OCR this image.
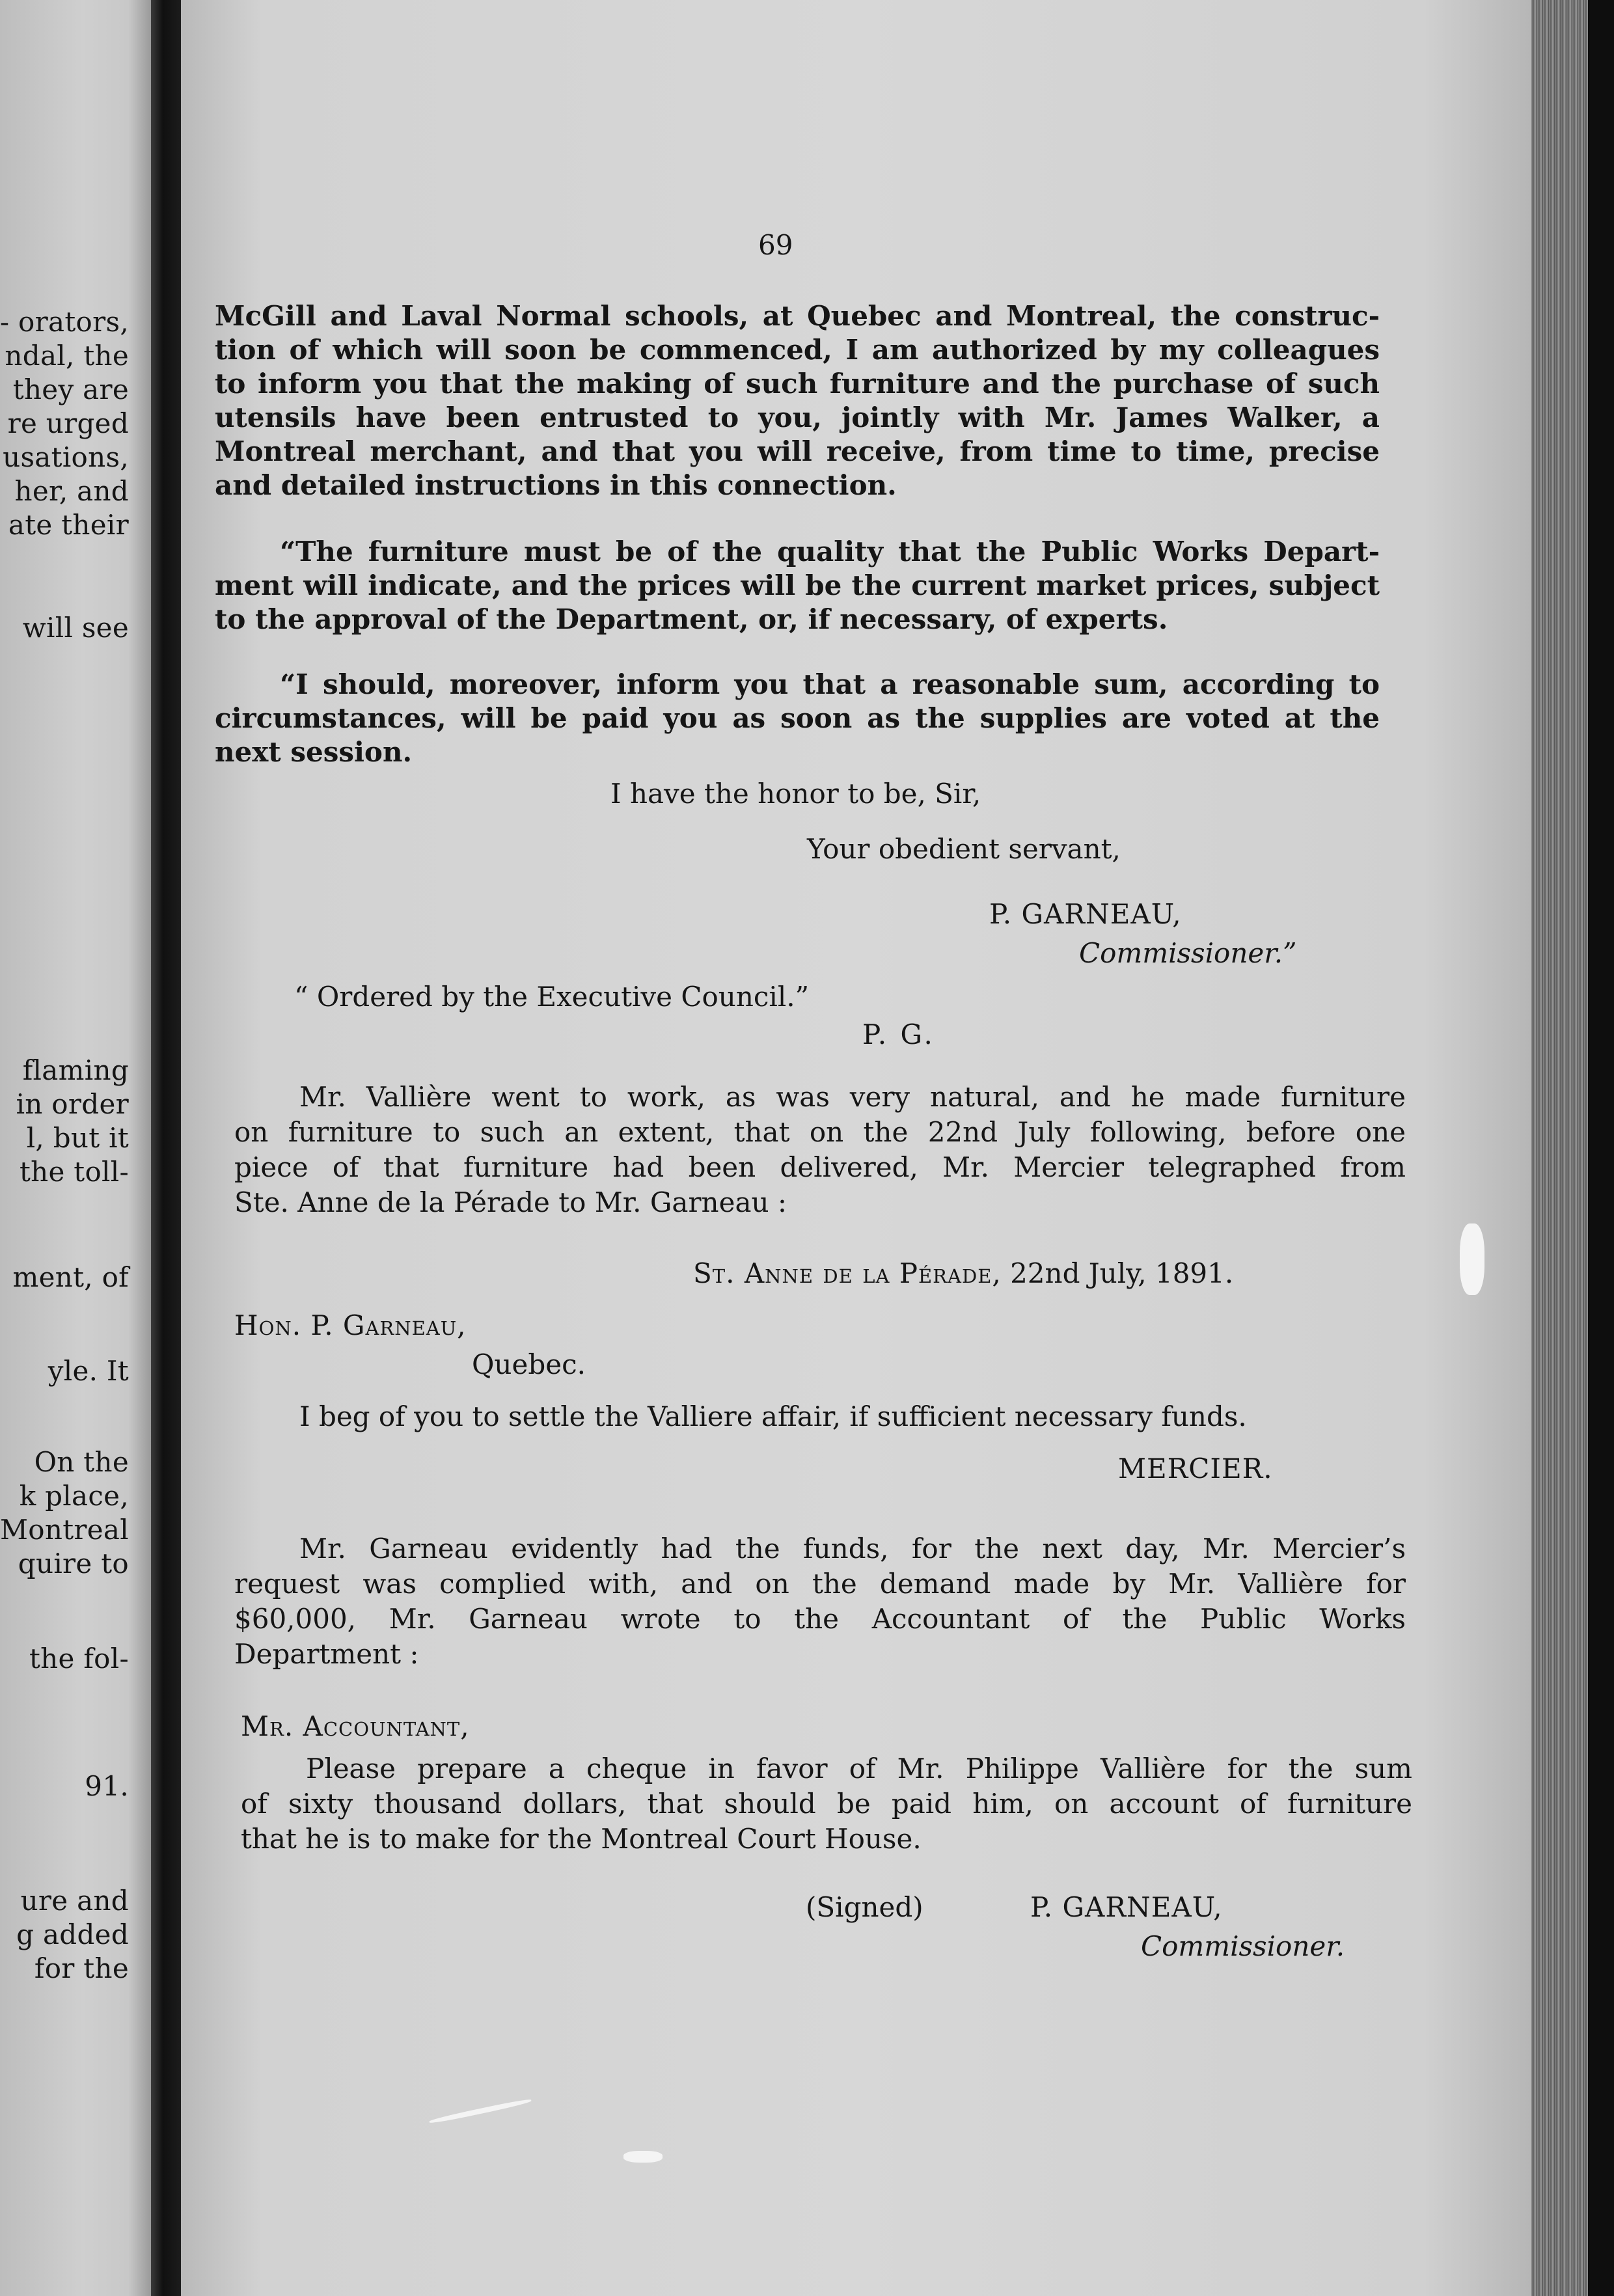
- orators,
ndal, the
they are
re urged
usations,
her, and
ate their
will see
flaming
in order
l, but it
the toll-
ment, of
yle. It
On the
k place,
Montreal
quire to
the fol-
91.
ure and
g added
for the
69
McGill and Laval Normal schools, at Quebec and Montreal, the construc-
tion of which will soon be commenced, I am authorized by my colleagues
to inform you that the making of such furniture and the purchase of such
utensils have been entrusted to you, jointly with Mr. James Walker, a
Montreal merchant, and that you will receive, from time to time, precise
and detailed instructions in this connection.
“The furniture must be of the quality that the Public Works Depart-
ment will indicate, and the prices will be the current market prices, subject
to the approval of the Department, or, if necessary, of experts.
“I should, moreover, inform you that a reasonable sum, according to
circumstances, will be paid you as soon as the supplies are voted at the
next session.
I have the honor to be, Sir,
Your obedient servant,
P. GARNEAU,
Commissioner.”
“ Ordered by the Executive Council.”
P. G.
Mr. Vallière went to work, as was very natural, and he made furniture
on furniture to such an extent, that on the 22nd July following, before one
piece of that furniture had been delivered, Mr. Mercier telegraphed from
Ste. Anne de la Pérade to Mr. Garneau :
St. Anne de la Pérade, 22nd July, 1891.
Hon. P. Garneau,
Quebec.
I beg of you to settle the Valliere affair, if sufficient necessary funds.
MERCIER.
Mr. Garneau evidently had the funds, for the next day, Mr. Mercier’s
request was complied with, and on the demand made by Mr. Vallière for
$60,000, Mr. Garneau wrote to the Accountant of the Public Works
Department :
Mr. Accountant,
Please prepare a cheque in favor of Mr. Philippe Vallière for the sum
of sixty thousand dollars, that should be paid him, on account of furniture
that he is to make for the Montreal Court House.
(Signed)	P. GARNEAU,
Commissioner.
